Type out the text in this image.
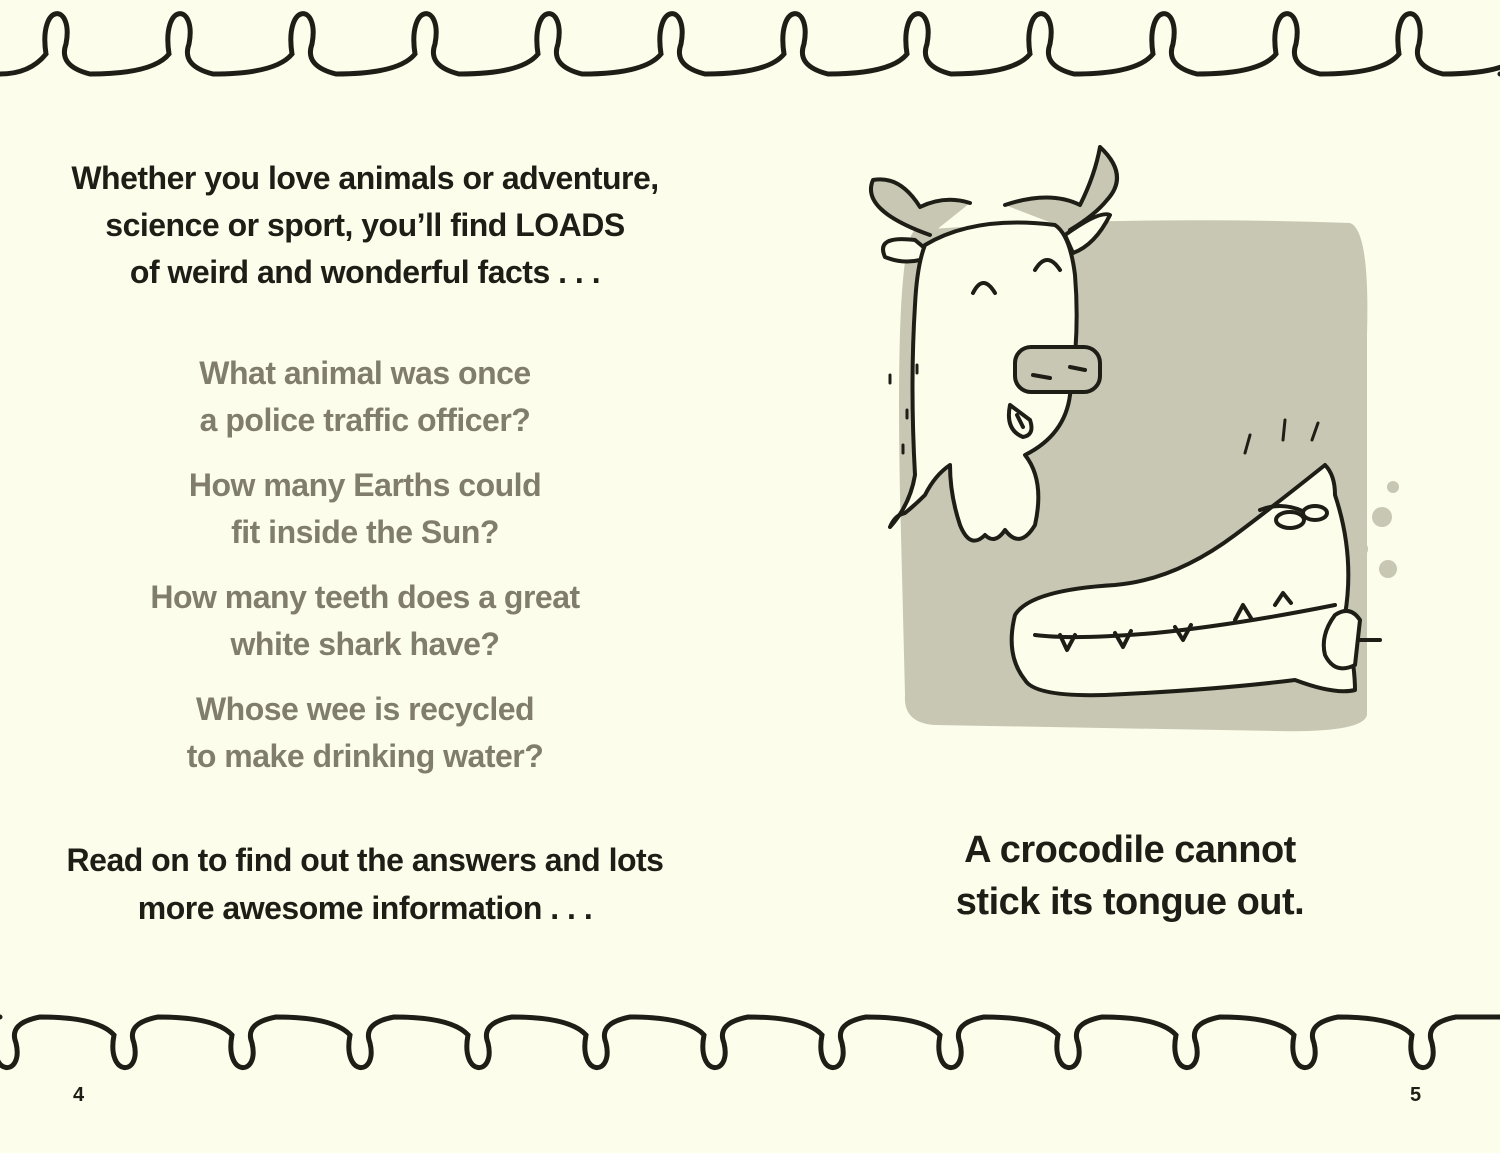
Whether you love animals or adventure,
science or sport, you’ll find LOADS
of weird and wonderful facts . . .
What animal was once
a police traffic officer?
How many Earths could
fit inside the Sun?
How many teeth does a great
white shark have?
Whose wee is recycled
to make drinking water?
Read on to find out the answers and lots
more awesome information . . .
A crocodile cannot
stick its tongue out.
4	5
